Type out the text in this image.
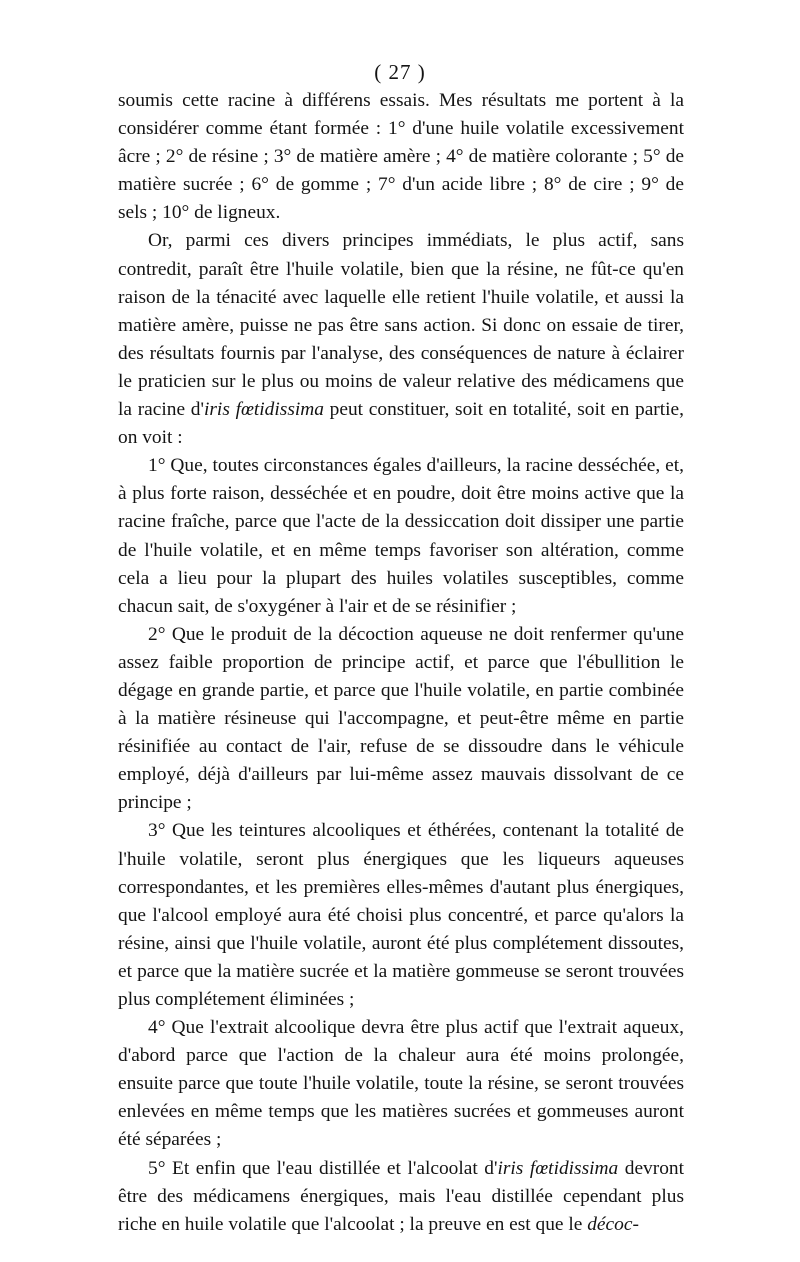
( 27 )

soumis cette racine à différens essais. Mes résultats me portent à la considérer comme étant formée : 1° d'une huile volatile excessivement âcre ; 2° de résine ; 3° de matière amère ; 4° de matière colorante ; 5° de matière sucrée ; 6° de gomme ; 7° d'un acide libre ; 8° de cire ; 9° de sels ; 10° de ligneux.

Or, parmi ces divers principes immédiats, le plus actif, sans contredit, paraît être l'huile volatile, bien que la résine, ne fût-ce qu'en raison de la ténacité avec laquelle elle retient l'huile volatile, et aussi la matière amère, puisse ne pas être sans action. Si donc on essaie de tirer, des résultats fournis par l'analyse, des conséquences de nature à éclairer le praticien sur le plus ou moins de valeur relative des médicamens que la racine d'iris fœtidissima peut constituer, soit en totalité, soit en partie, on voit :

1° Que, toutes circonstances égales d'ailleurs, la racine desséchée, et, à plus forte raison, desséchée et en poudre, doit être moins active que la racine fraîche, parce que l'acte de la dessiccation doit dissiper une partie de l'huile volatile, et en même temps favoriser son altération, comme cela a lieu pour la plupart des huiles volatiles susceptibles, comme chacun sait, de s'oxygéner à l'air et de se résinifier ;

2° Que le produit de la décoction aqueuse ne doit renfermer qu'une assez faible proportion de principe actif, et parce que l'ébullition le dégage en grande partie, et parce que l'huile volatile, en partie combinée à la matière résineuse qui l'accompagne, et peut-être même en partie résinifiée au contact de l'air, refuse de se dissoudre dans le véhicule employé, déjà d'ailleurs par lui-même assez mauvais dissolvant de ce principe ;

3° Que les teintures alcooliques et éthérées, contenant la totalité de l'huile volatile, seront plus énergiques que les liqueurs aqueuses correspondantes, et les premières elles-mêmes d'autant plus énergiques, que l'alcool employé aura été choisi plus concentré, et parce qu'alors la résine, ainsi que l'huile volatile, auront été plus complétement dissoutes, et parce que la matière sucrée et la matière gommeuse se seront trouvées plus complétement éliminées ;

4° Que l'extrait alcoolique devra être plus actif que l'extrait aqueux, d'abord parce que l'action de la chaleur aura été moins prolongée, ensuite parce que toute l'huile volatile, toute la résine, se seront trouvées enlevées en même temps que les matières sucrées et gommeuses auront été séparées ;

5° Et enfin que l'eau distillée et l'alcoolat d'iris fœtidissima devront être des médicamens énergiques, mais l'eau distillée cependant plus riche en huile volatile que l'alcoolat ; la preuve en est que le décoc-
